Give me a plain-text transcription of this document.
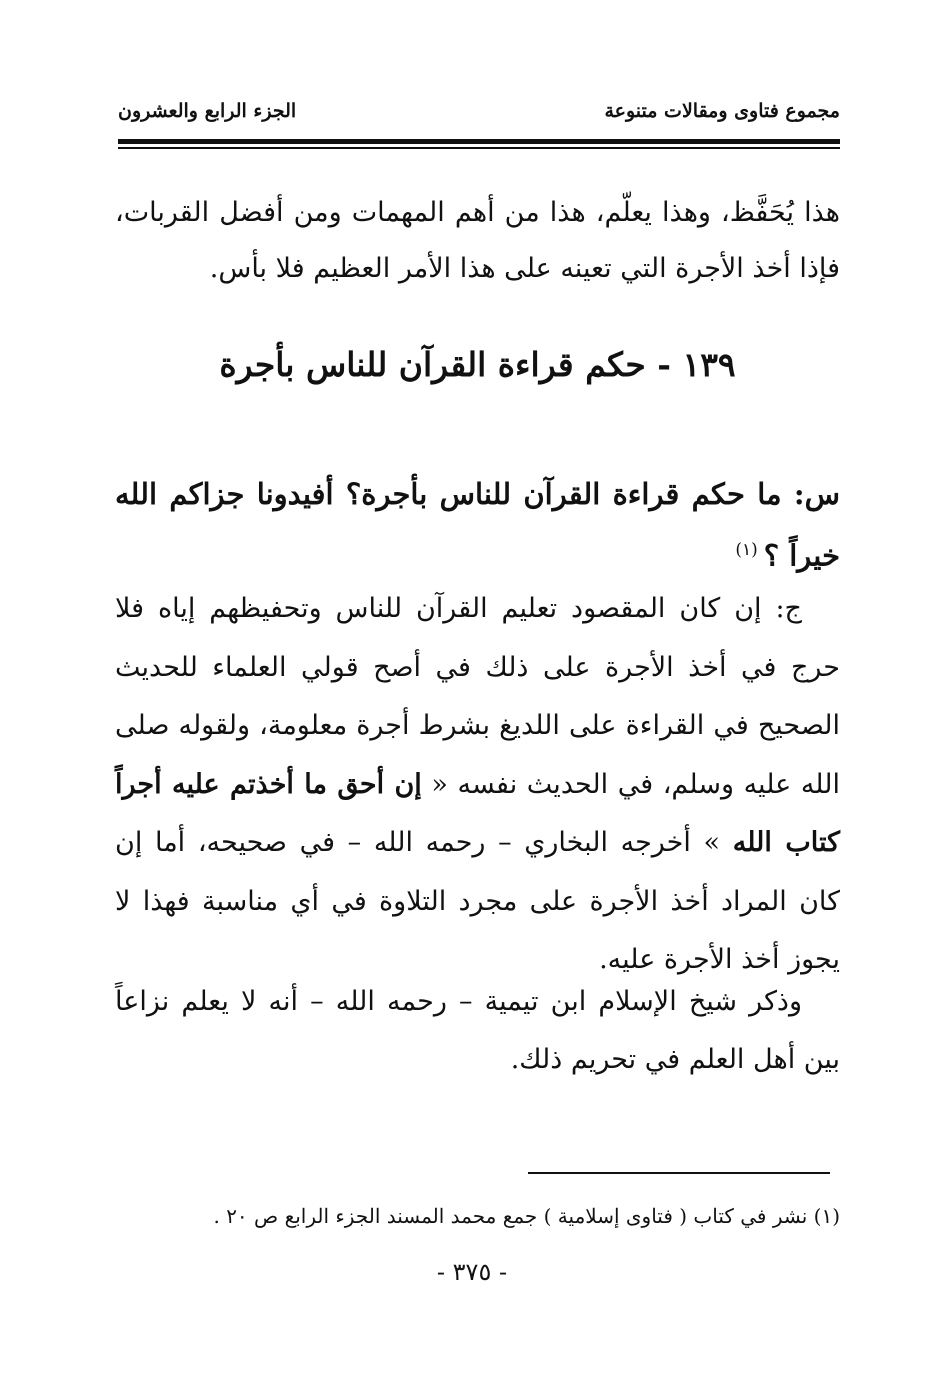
مجموع فتاوى ومقالات متنوعة
الجزء الرابع والعشرون

هذا يُحَفَّظ، وهذا يعلّم، هذا من أهم المهمات ومن أفضل القربات، فإذا أخذ الأجرة التي تعينه على هذا الأمر العظيم فلا بأس.

١٣٩ - حكم قراءة القرآن للناس بأجرة

س: ما حكم قراءة القرآن للناس بأجرة؟ أفيدونا جزاكم الله خيراً ؟$^{(١)}$

ج: إن كان المقصود تعليم القرآن للناس وتحفيظهم إياه فلا حرج في أخذ الأجرة على ذلك في أصح قولي العلماء للحديث الصحيح في القراءة على اللديغ بشرط أجرة معلومة، ولقوله صلى الله عليه وسلم، في الحديث نفسه « إن أحق ما أخذتم عليه أجراً كتاب الله » أخرجه البخاري – رحمه الله – في صحيحه، أما إن كان المراد أخذ الأجرة على مجرد التلاوة في أي مناسبة فهذا لا يجوز أخذ الأجرة عليه.

وذكر شيخ الإسلام ابن تيمية – رحمه الله – أنه لا يعلم نزاعاً بين أهل العلم في تحريم ذلك.

(١) نشر في كتاب ( فتاوى إسلامية ) جمع محمد المسند الجزء الرابع ص ٢٠ .
- ٣٧٥ -
